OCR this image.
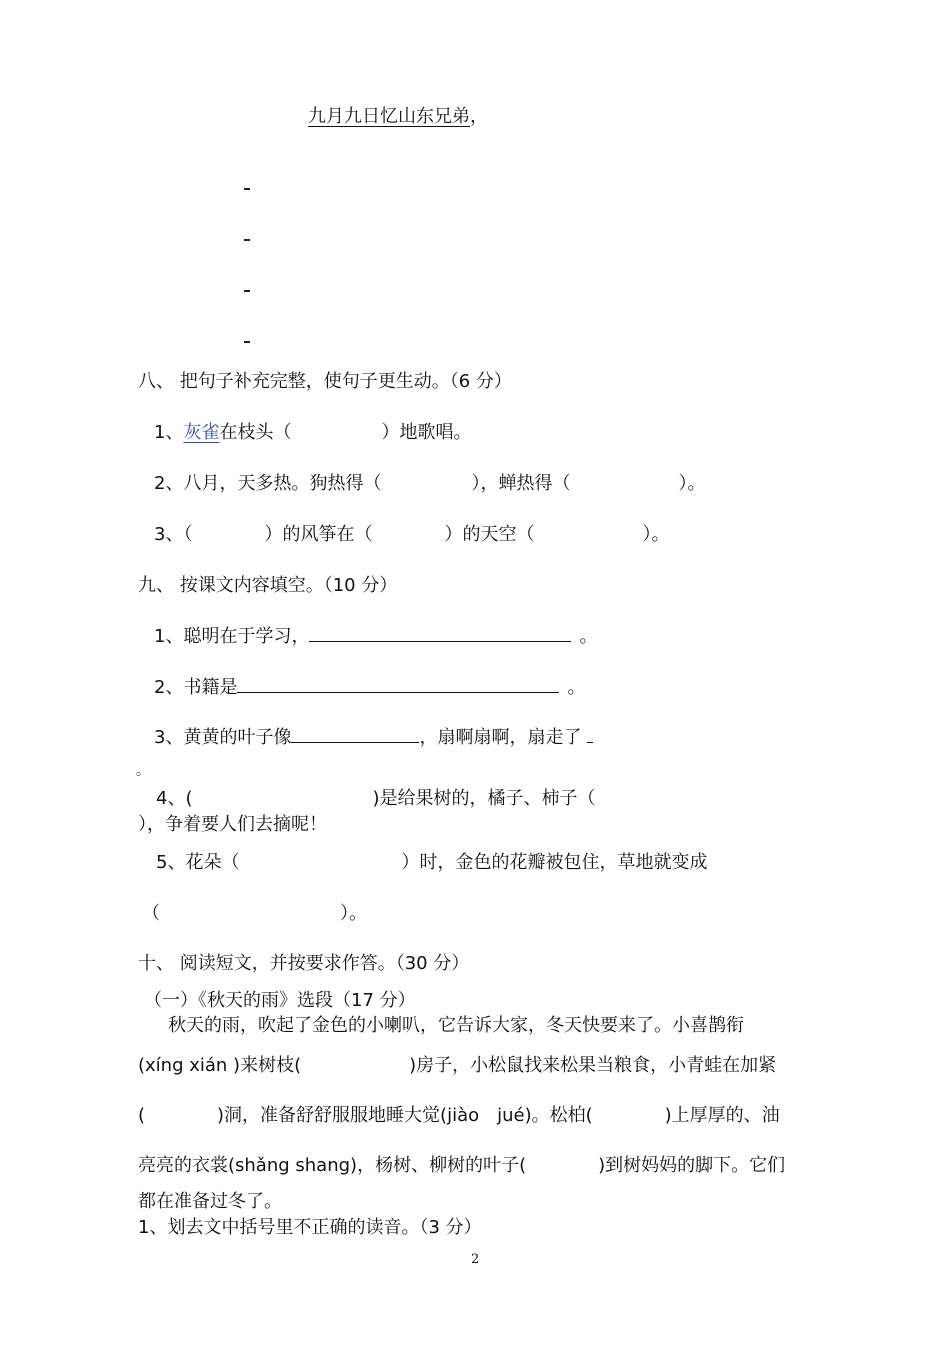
九月九日忆山东兄弟，
八、 把句子补充完整，使句子更生动。（6 分）
1、灰雀在枝头（　　　　　）地歌唱。
2、八月，天多热。狗热得（　　　　　），蝉热得（　　　　　　）。
3、（　　　　）的风筝在（　　　　）的天空（　　　　　　）。
九、 按课文内容填空。（10 分）
1、聪明在于学习，	。
2、书籍是	。
3、黄黄的叶子像	，扇啊扇啊，扇走了
。
4、(　　　　　　　　　　)是给果树的，橘子、柿子（
），争着要人们去摘呢！
5、花朵（　　　　　　　　　）时，金色的花瓣被包住，草地就变成
（　　　　　　　　　　）。
十、 阅读短文，并按要求作答。（30 分）
（一）《秋天的雨》选段（17 分）
秋天的雨，吹起了金色的小喇叭，它告诉大家，冬天快要来了。小喜鹊衔
(xíng xián )来树枝(　　　　　　)房子，小松鼠找来松果当粮食，小青蛙在加紧
(　　　　)洞，准备舒舒服服地睡大觉(jiào　jué)。松柏(　　　　)上厚厚的、油
亮亮的衣裳(shǎng shang)，杨树、柳树的叶子(　　　　)到树妈妈的脚下。它们
都在准备过冬了。
1、划去文中括号里不正确的读音。（3 分）
2
